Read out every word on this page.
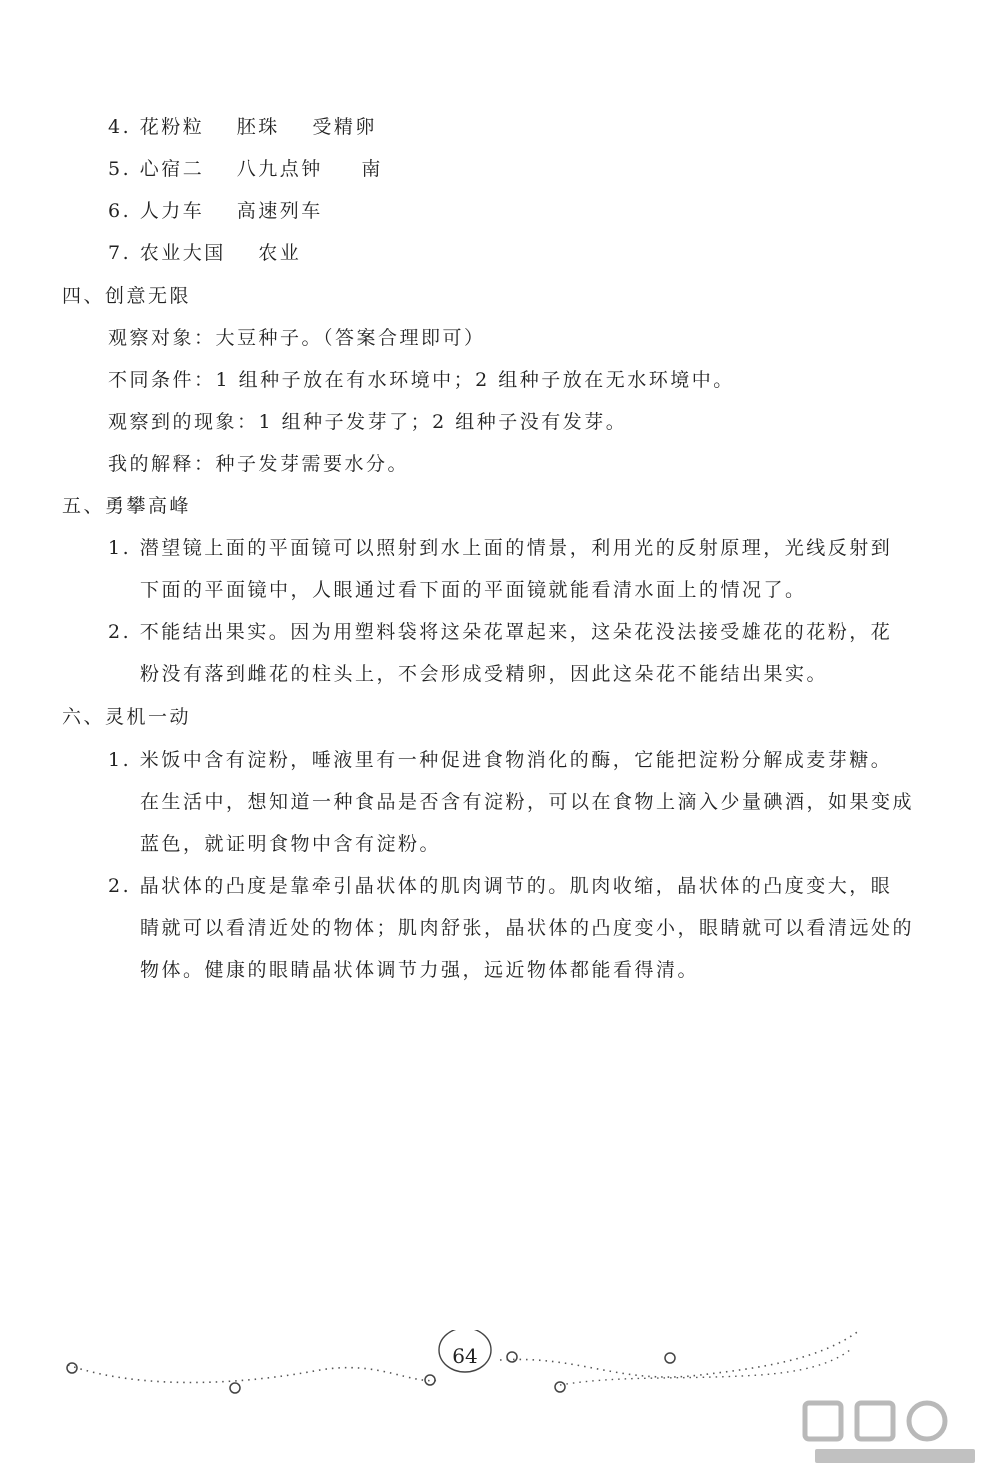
4. 花粉粒 胚珠 受精卵
5. 心宿二 八九点钟 南
6. 人力车 高速列车
7. 农业大国 农业
四、创意无限
观察对象：大豆种子。（答案合理即可）
不同条件：1 组种子放在有水环境中；2 组种子放在无水环境中。
观察到的现象：1 组种子发芽了；2 组种子没有发芽。
我的解释：种子发芽需要水分。
五、勇攀高峰
1. 潜望镜上面的平面镜可以照射到水上面的情景，利用光的反射原理，光线反射到
下面的平面镜中，人眼通过看下面的平面镜就能看清水面上的情况了。
2. 不能结出果实。因为用塑料袋将这朵花罩起来，这朵花没法接受雄花的花粉，花
粉没有落到雌花的柱头上，不会形成受精卵，因此这朵花不能结出果实。
六、灵机一动
1. 米饭中含有淀粉，唾液里有一种促进食物消化的酶，它能把淀粉分解成麦芽糖。
在生活中，想知道一种食品是否含有淀粉，可以在食物上滴入少量碘酒，如果变成
蓝色，就证明食物中含有淀粉。
2. 晶状体的凸度是靠牵引晶状体的肌肉调节的。肌肉收缩，晶状体的凸度变大，眼
睛就可以看清近处的物体；肌肉舒张，晶状体的凸度变小，眼睛就可以看清远处的
物体。健康的眼睛晶状体调节力强，远近物体都能看得清。
64
